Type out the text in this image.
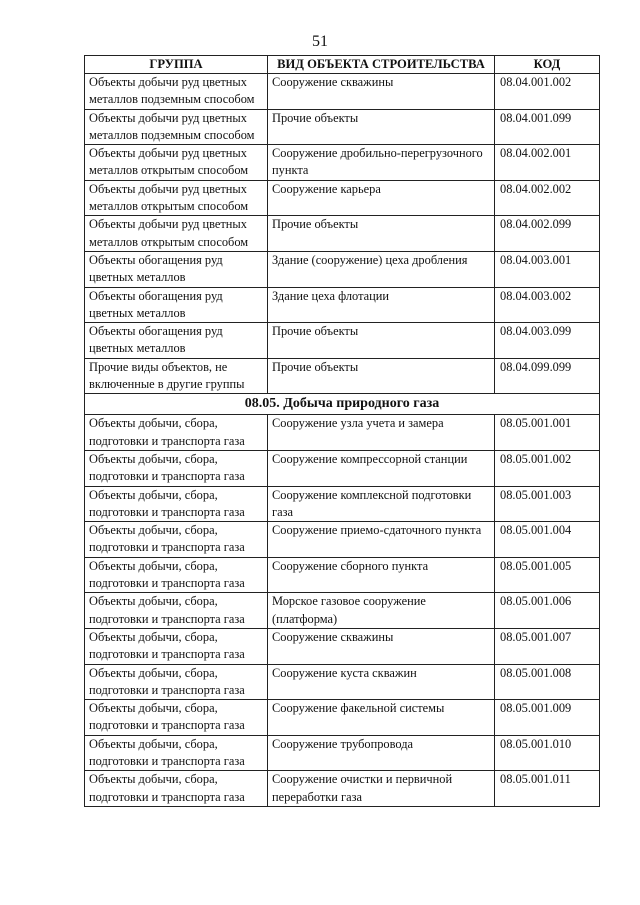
51
ГРУППА	ВИД ОБЪЕКТА СТРОИТЕЛЬСТВА	КОД
Объекты добычи руд цветных металлов подземным способом	Сооружение скважины	08.04.001.002
Объекты добычи руд цветных металлов подземным способом	Прочие объекты	08.04.001.099
Объекты добычи руд цветных металлов открытым способом	Сооружение дробильно-перегрузочного пункта	08.04.002.001
Объекты добычи руд цветных металлов открытым способом	Сооружение карьера	08.04.002.002
Объекты добычи руд цветных металлов открытым способом	Прочие объекты	08.04.002.099
Объекты обогащения руд цветных металлов	Здание (сооружение) цеха дробления	08.04.003.001
Объекты обогащения руд цветных металлов	Здание цеха флотации	08.04.003.002
Объекты обогащения руд цветных металлов	Прочие объекты	08.04.003.099
Прочие виды объектов, не включенные в другие группы	Прочие объекты	08.04.099.099
08.05. Добыча природного газа		
Объекты добычи, сбора, подготовки и транспорта газа	Сооружение узла учета и замера	08.05.001.001
Объекты добычи, сбора, подготовки и транспорта газа	Сооружение компрессорной станции	08.05.001.002
Объекты добычи, сбора, подготовки и транспорта газа	Сооружение комплексной подготовки газа	08.05.001.003
Объекты добычи, сбора, подготовки и транспорта газа	Сооружение приемо-сдаточного пункта	08.05.001.004
Объекты добычи, сбора, подготовки и транспорта газа	Сооружение сборного пункта	08.05.001.005
Объекты добычи, сбора, подготовки и транспорта газа	Морское газовое сооружение (платформа)	08.05.001.006
Объекты добычи, сбора, подготовки и транспорта газа	Сооружение скважины	08.05.001.007
Объекты добычи, сбора, подготовки и транспорта газа	Сооружение куста скважин	08.05.001.008
Объекты добычи, сбора, подготовки и транспорта газа	Сооружение факельной системы	08.05.001.009
Объекты добычи, сбора, подготовки и транспорта газа	Сооружение трубопровода	08.05.001.010
Объекты добычи, сбора, подготовки и транспорта газа	Сооружение очистки и первичной переработки газа	08.05.001.011
